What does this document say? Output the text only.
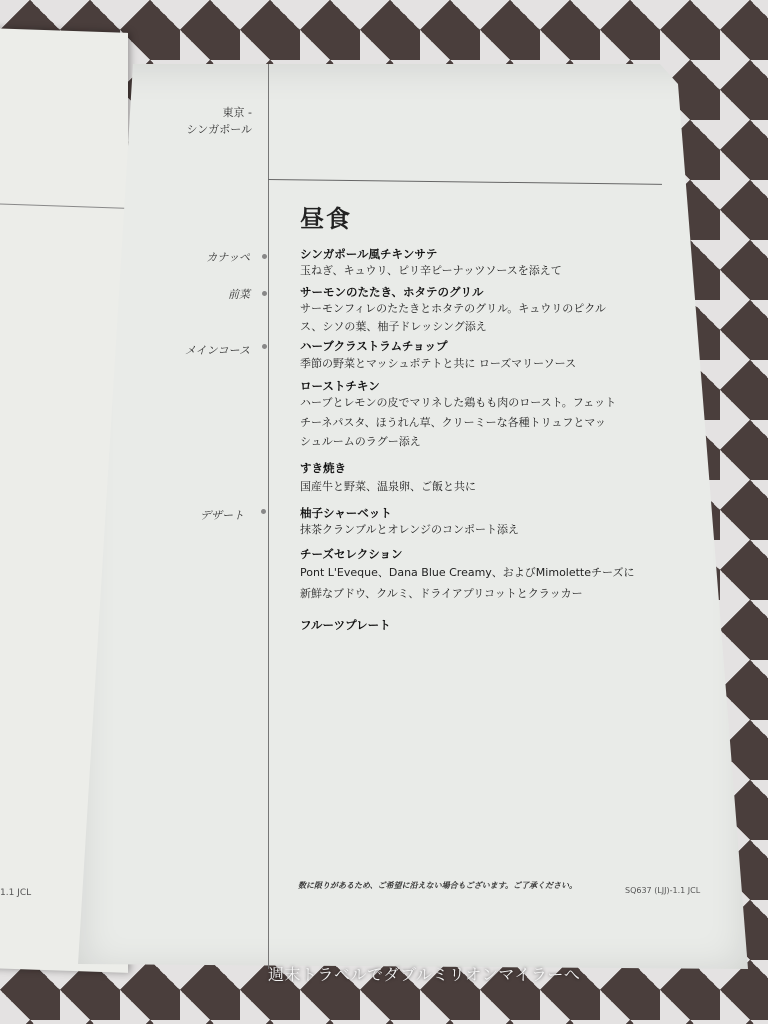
1.1 JCL
東京 -
シンガポール
昼食
カナッペ
前菜
メインコース
デザート
シンガポール風チキンサテ
玉ねぎ、キュウリ、ピリ辛ピーナッツソースを添えて
サーモンのたたき、ホタテのグリル
サーモンフィレのたたきとホタテのグリル。キュウリのピクル
ス、シソの葉、柚子ドレッシング添え
ハーブクラストラムチョップ
季節の野菜とマッシュポテトと共に ローズマリーソース
ローストチキン
ハーブとレモンの皮でマリネした鶏もも肉のロースト。フェット
チーネパスタ、ほうれん草、クリーミーな各種トリュフとマッ
シュルームのラグー添え
すき焼き
国産牛と野菜、温泉卵、ご飯と共に
柚子シャーベット
抹茶クランブルとオレンジのコンポート添え
チーズセレクション
Pont L'Eveque、Dana Blue Creamy、およびMimoletteチーズに
新鮮なブドウ、クルミ、ドライアプリコットとクラッカー
フルーツプレート
数に限りがあるため、ご希望に沿えない場合もございます。ご了承ください。
SQ637 (LJJ)-1.1 JCL
週末トラベルでダブルミリオンマイラーへ
